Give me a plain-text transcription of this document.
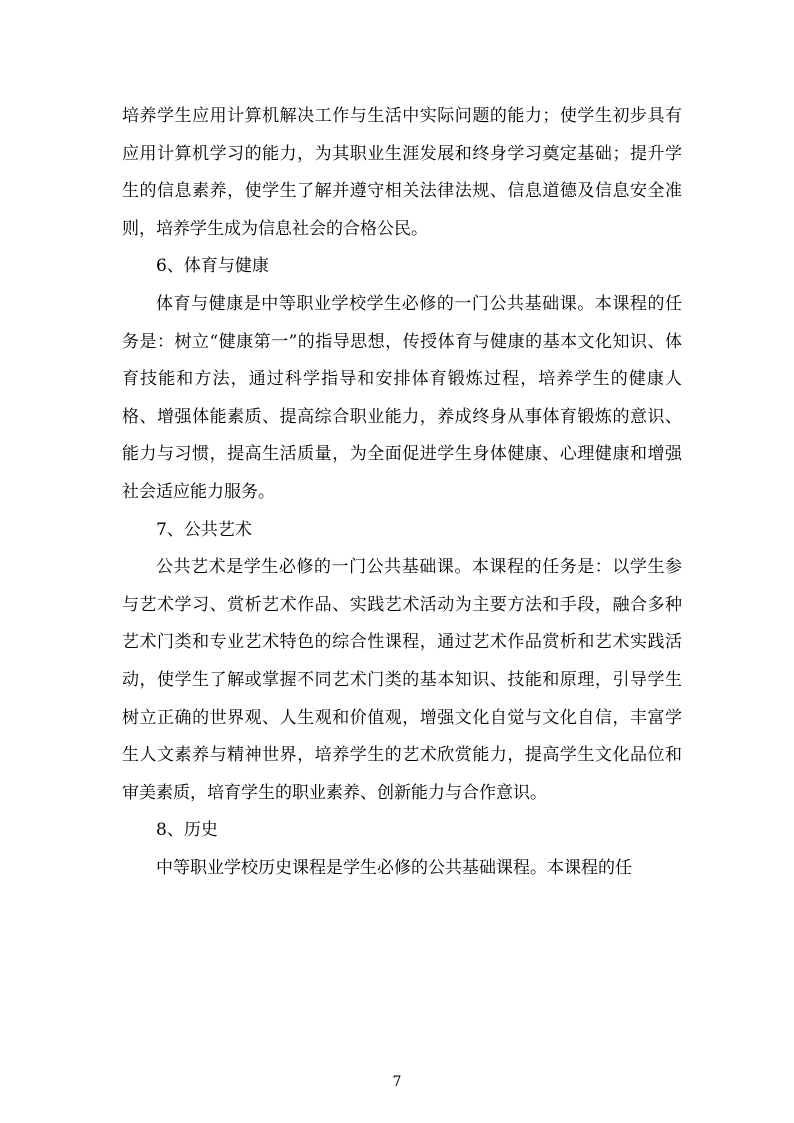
培养学生应用计算机解决工作与生活中实际问题的能力；使学生初步具有应用计算机学习的能力，为其职业生涯发展和终身学习奠定基础；提升学生的信息素养，使学生了解并遵守相关法律法规、信息道德及信息安全准则，培养学生成为信息社会的合格公民。

6、体育与健康

体育与健康是中等职业学校学生必修的一门公共基础课。本课程的任务是：树立“健康第一”的指导思想，传授体育与健康的基本文化知识、体育技能和方法，通过科学指导和安排体育锻炼过程，培养学生的健康人格、增强体能素质、提高综合职业能力，养成终身从事体育锻炼的意识、能力与习惯，提高生活质量，为全面促进学生身体健康、心理健康和增强社会适应能力服务。

7、公共艺术

公共艺术是学生必修的一门公共基础课。本课程的任务是：以学生参与艺术学习、赏析艺术作品、实践艺术活动为主要方法和手段，融合多种艺术门类和专业艺术特色的综合性课程，通过艺术作品赏析和艺术实践活动，使学生了解或掌握不同艺术门类的基本知识、技能和原理，引导学生树立正确的世界观、人生观和价值观，增强文化自觉与文化自信，丰富学生人文素养与精神世界，培养学生的艺术欣赏能力，提高学生文化品位和审美素质，培育学生的职业素养、创新能力与合作意识。

8、历史

中等职业学校历史课程是学生必修的公共基础课程。本课程的任

7
